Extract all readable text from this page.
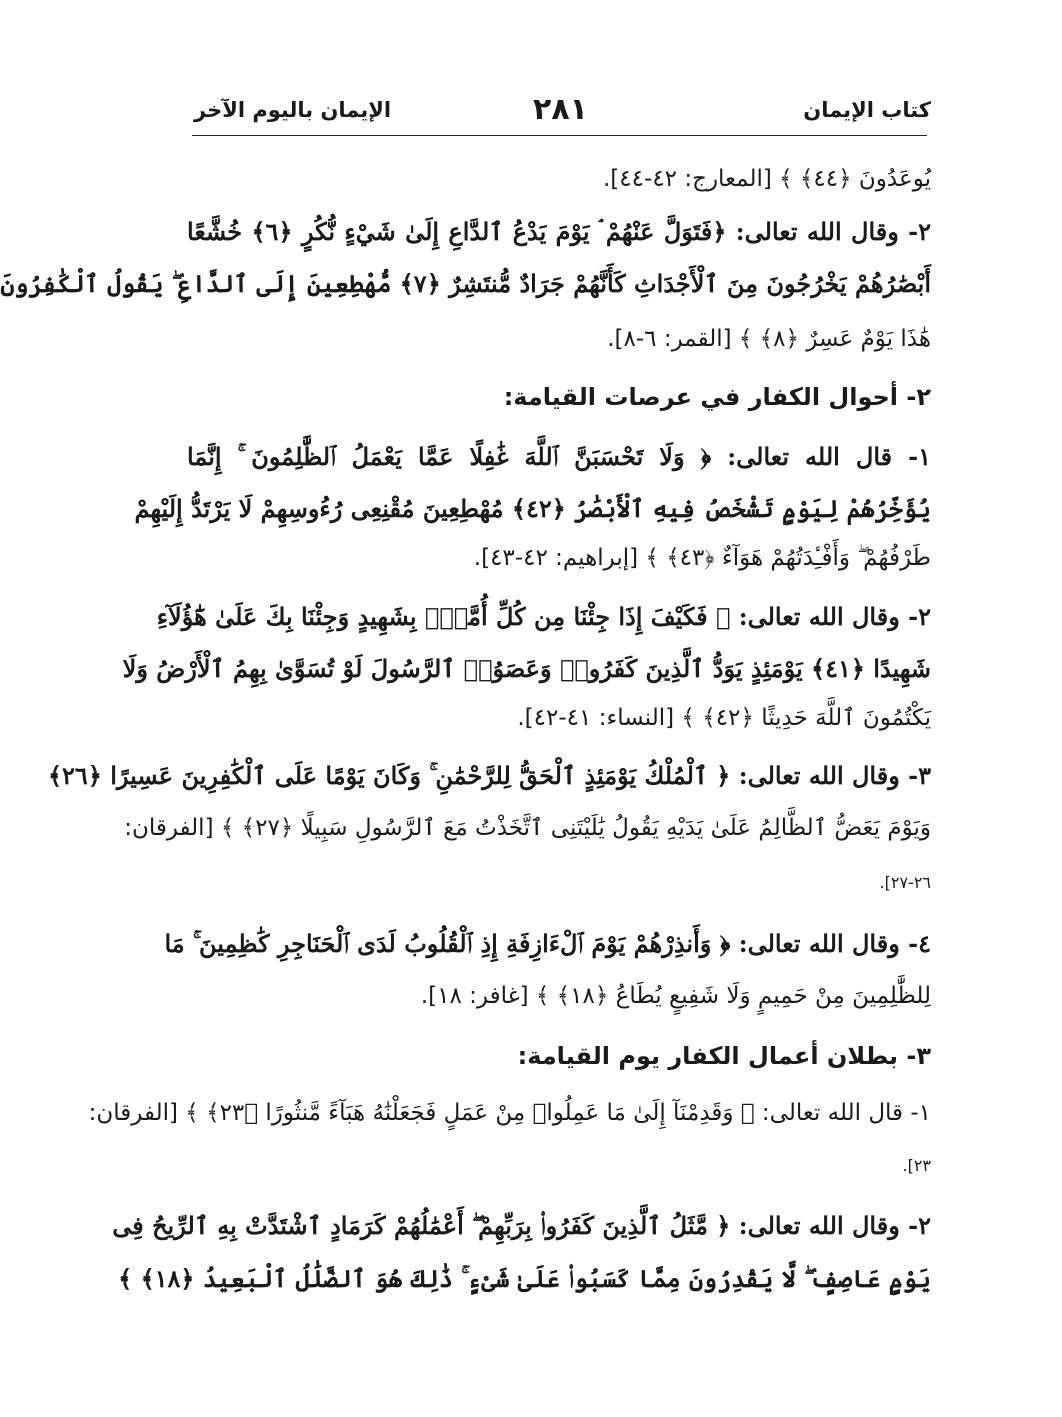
كتاب الإيمان
٢٨١
الإيمان باليوم الآخر
يُوعَدُونَ ﴿٤٤﴾ ﴾ [المعارج: ٤٢-٤٤].
٢- وقال الله تعالى: ﴿فَتَوَلَّ عَنْهُمْ ۘ يَوْمَ يَدْعُ ٱلدَّاعِ إِلَىٰ شَيْءٍ نُّكُرٍ ﴿٦﴾ خُشَّعًا
أَبْصَٰرُهُمْ يَخْرُجُونَ مِنَ ٱلْأَجْدَاثِ كَأَنَّهُمْ جَرَادٌ مُّنتَشِرٌ ﴿٧﴾ مُّهْطِعِينَ إِلَى ٱلدَّاعِ ۖ يَقُولُ ٱلْكَٰفِرُونَ
هَٰذَا يَوْمٌ عَسِرٌ ﴿٨﴾ ﴾ [القمر: ٦-٨].
٢- أحوال الكفار في عرصات القيامة:
١- قال الله تعالى: ﴿ وَلَا تَحْسَبَنَّ ٱللَّهَ غَٰفِلًا عَمَّا يَعْمَلُ ٱلظَّٰلِمُونَ ۚ إِنَّمَا
يُؤَخِّرُهُمْ لِيَوْمٍ تَشْخَصُ فِيهِ ٱلْأَبْصَٰرُ ﴿٤٢﴾ مُهْطِعِينَ مُقْنِعِى رُءُوسِهِمْ لَا يَرْتَدُّ إِلَيْهِمْ
طَرْفُهُمْ ۖ وَأَفْـِٔدَتُهُمْ هَوَآءٌ ﴿٤٣﴾ ﴾ [إبراهيم: ٤٢-٤٣].
٢- وقال الله تعالى: ﴿ فَكَيْفَ إِذَا جِئْنَا مِن كُلِّ أُمَّةٍۭ بِشَهِيدٍ وَجِئْنَا بِكَ عَلَىٰ هَٰٓؤُلَآءِ
شَهِيدًا ﴿٤١﴾ يَوْمَئِذٍ يَوَدُّ ٱلَّذِينَ كَفَرُوا۟ وَعَصَوُا۟ ٱلرَّسُولَ لَوْ تُسَوَّىٰ بِهِمُ ٱلْأَرْضُ وَلَا
يَكْتُمُونَ ٱللَّهَ حَدِيثًا ﴿٤٢﴾ ﴾ [النساء: ٤١-٤٢].
٣- وقال الله تعالى: ﴿ ٱلْمُلْكُ يَوْمَئِذٍ ٱلْحَقُّ لِلرَّحْمَٰنِ ۚ وَكَانَ يَوْمًا عَلَى ٱلْكَٰفِرِينَ عَسِيرًا ﴿٢٦﴾
وَيَوْمَ يَعَضُّ ٱلظَّالِمُ عَلَىٰ يَدَيْهِ يَقُولُ يَٰلَيْتَنِى ٱتَّخَذْتُ مَعَ ٱلرَّسُولِ سَبِيلًا ﴿٢٧﴾ ﴾ [الفرقان:
٢٦-٢٧].
٤- وقال الله تعالى: ﴿ وَأَنذِرْهُمْ يَوْمَ ٱلْءَازِفَةِ إِذِ ٱلْقُلُوبُ لَدَى ٱلْحَنَاجِرِ كَٰظِمِينَ ۚ مَا
لِلظَّٰلِمِينَ مِنْ حَمِيمٍ وَلَا شَفِيعٍ يُطَاعُ ﴿١٨﴾ ﴾ [غافر: ١٨].
٣- بطلان أعمال الكفار يوم القيامة:
١- قال الله تعالى: ﴿ وَقَدِمْنَآ إِلَىٰ مَا عَمِلُوا۟ مِنْ عَمَلٍ فَجَعَلْنَٰهُ هَبَآءً مَّنثُورًا ﴿٢٣﴾ ﴾ [الفرقان:
٢٣].
٢- وقال الله تعالى: ﴿ مَّثَلُ ٱلَّذِينَ كَفَرُوا۟ بِرَبِّهِمْ ۖ أَعْمَٰلُهُمْ كَرَمَادٍ ٱشْتَدَّتْ بِهِ ٱلرِّيحُ فِى
يَوْمٍ عَاصِفٍ ۖ لَّا يَقْدِرُونَ مِمَّا كَسَبُوا۟ عَلَىٰ شَىْءٍ ۚ ذَٰلِكَ هُوَ ٱلضَّلَٰلُ ٱلْبَعِيدُ ﴿١٨﴾ ﴾
